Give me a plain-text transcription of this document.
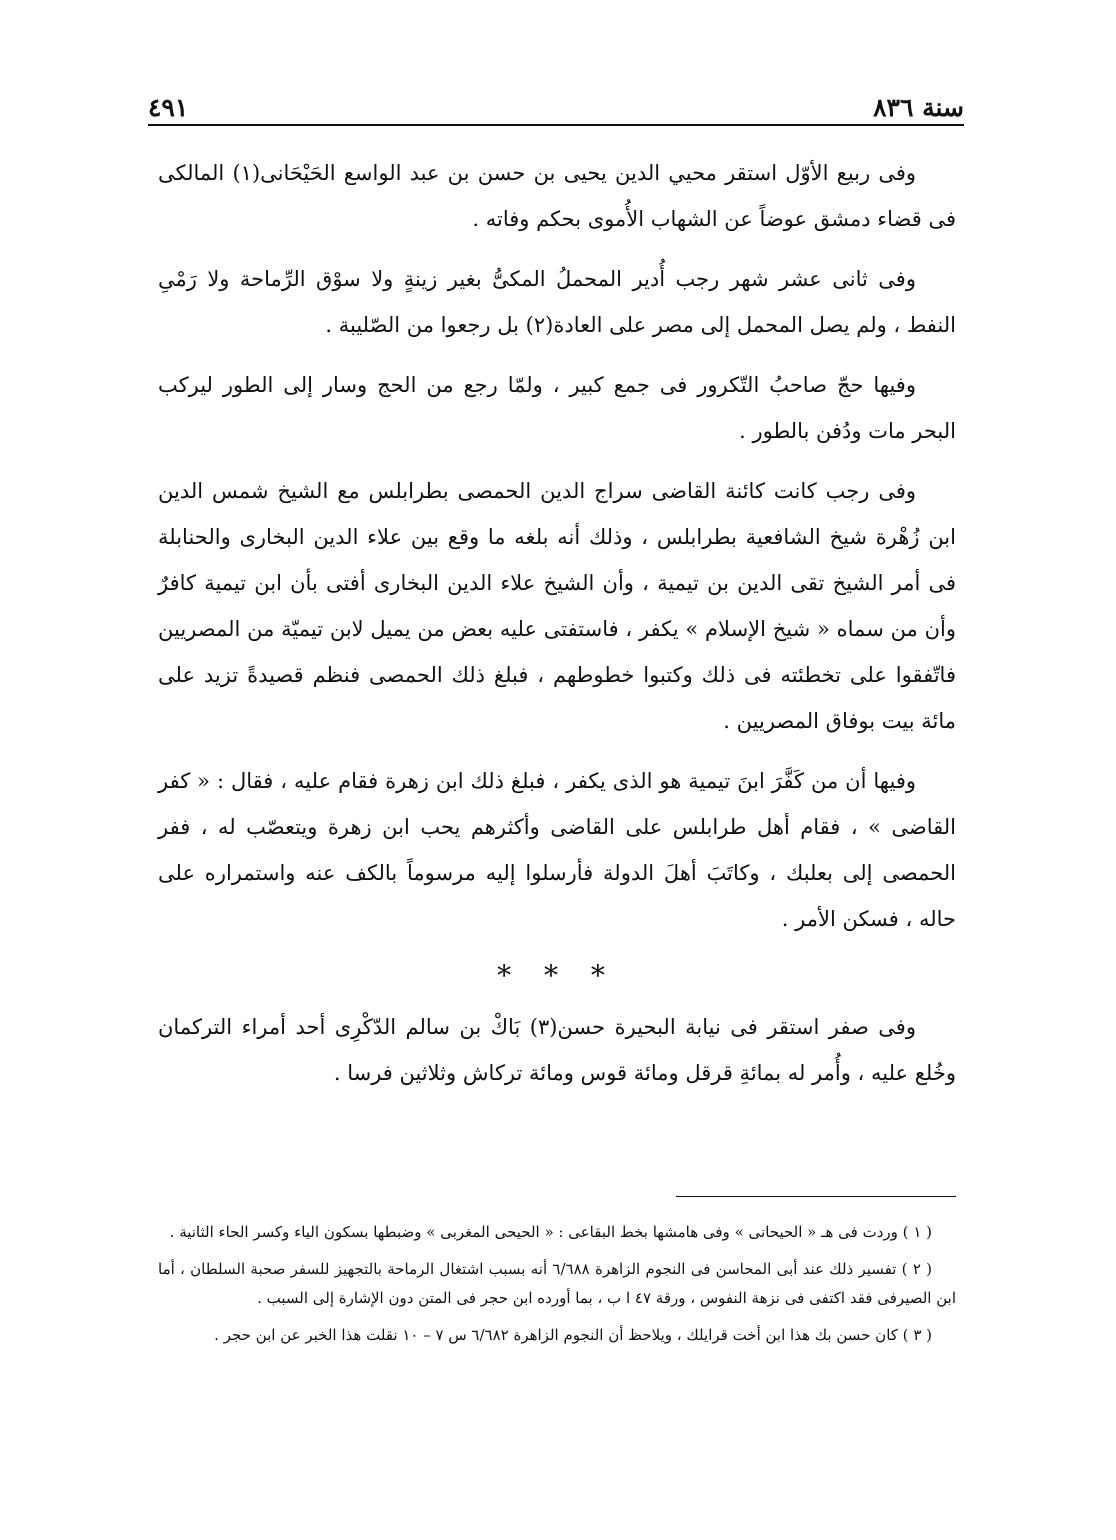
٤٩١	سنة ٨٣٦

وفى ربيع الأوّل استقر محيي الدين يحيى بن حسن بن عبد الواسع الحَيْحَانى(١) المالكى فى قضاء دمشق عوضاً عن الشهاب الأُموى بحكم وفاته .

وفى ثانى عشر شهر رجب أُدير المحملُ المكىُّ بغير زينةٍ ولا سوْق الرِّماحة ولا رَمْىِ النفط ، ولم يصل المحمل إلى مصر على العادة(٢) بل رجعوا من الصّليبة .

وفيها حجّ صاحبُ التّكرور فى جمع كبير ، ولمّا رجع من الحج وسار إلى الطور ليركب البحر مات ودُفن بالطور .

وفى رجب كانت كائنة القاضى سراج الدين الحمصى بطرابلس مع الشيخ شمس الدين ابن زُهْرة شيخ الشافعية بطرابلس ، وذلك أنه بلغه ما وقع بين علاء الدين البخارى والحنابلة فى أمر الشيخ تقى الدين بن تيمية ، وأن الشيخ علاء الدين البخارى أفتى بأن ابن تيمية كافرٌ وأن من سماه « شيخ الإسلام » يكفر ، فاستفتى عليه بعض من يميل لابن تيميّة من المصريين فاتّفقوا على تخطئته فى ذلك وكتبوا خطوطهم ، فبلغ ذلك الحمصى فنظم قصيدةً تزيد على مائة بيت بوفاق المصريين .

وفيها أن من كَفَّرَ ابنَ تيمية هو الذى يكفر ، فبلغ ذلك ابن زهرة فقام عليه ، فقال : « كفر القاضى » ، فقام أهل طرابلس على القاضى وأكثرهم يحب ابن زهرة ويتعصّب له ، ففر الحمصى إلى بعلبك ، وكاتَبَ أهلَ الدولة فأرسلوا إليه مرسوماً بالكف عنه واستمراره على حاله ، فسكن الأمر .

* * *

وفى صفر استقر فى نيابة البحيرة حسن(٣) بَاكْ بن سالم الدّكْرِى أحد أمراء التركمان وخُلع عليه ، وأُمر له بمائةِ قرقل ومائة قوس ومائة تركاش وثلاثين فرسا .

( ١ ) وردت فى هـ « الحيحانى » وفى هامشها بخط البقاعى : « الحيحى المغربى » وضبطها بسكون الياء وكسر الحاء الثانية .

( ٢ ) تفسير ذلك عند أبى المحاسن فى النجوم الزاهرة ٦/٦٨٨ أنه بسبب اشتغال الرماحة بالتجهيز للسفر صحبة السلطان ، أما ابن الصيرفى فقد اكتفى فى نزهة النفوس ، ورقة ٤٧ ا ب ، بما أورده ابن حجر فى المتن دون الإشارة إلى السبب .

( ٣ ) كان حسن بك هذا ابن أخت قرايلك ، ويلاحظ أن النجوم الزاهرة ٦/٦٨٢ س ٧ – ١٠ نقلت هذا الخبر عن ابن حجر .
